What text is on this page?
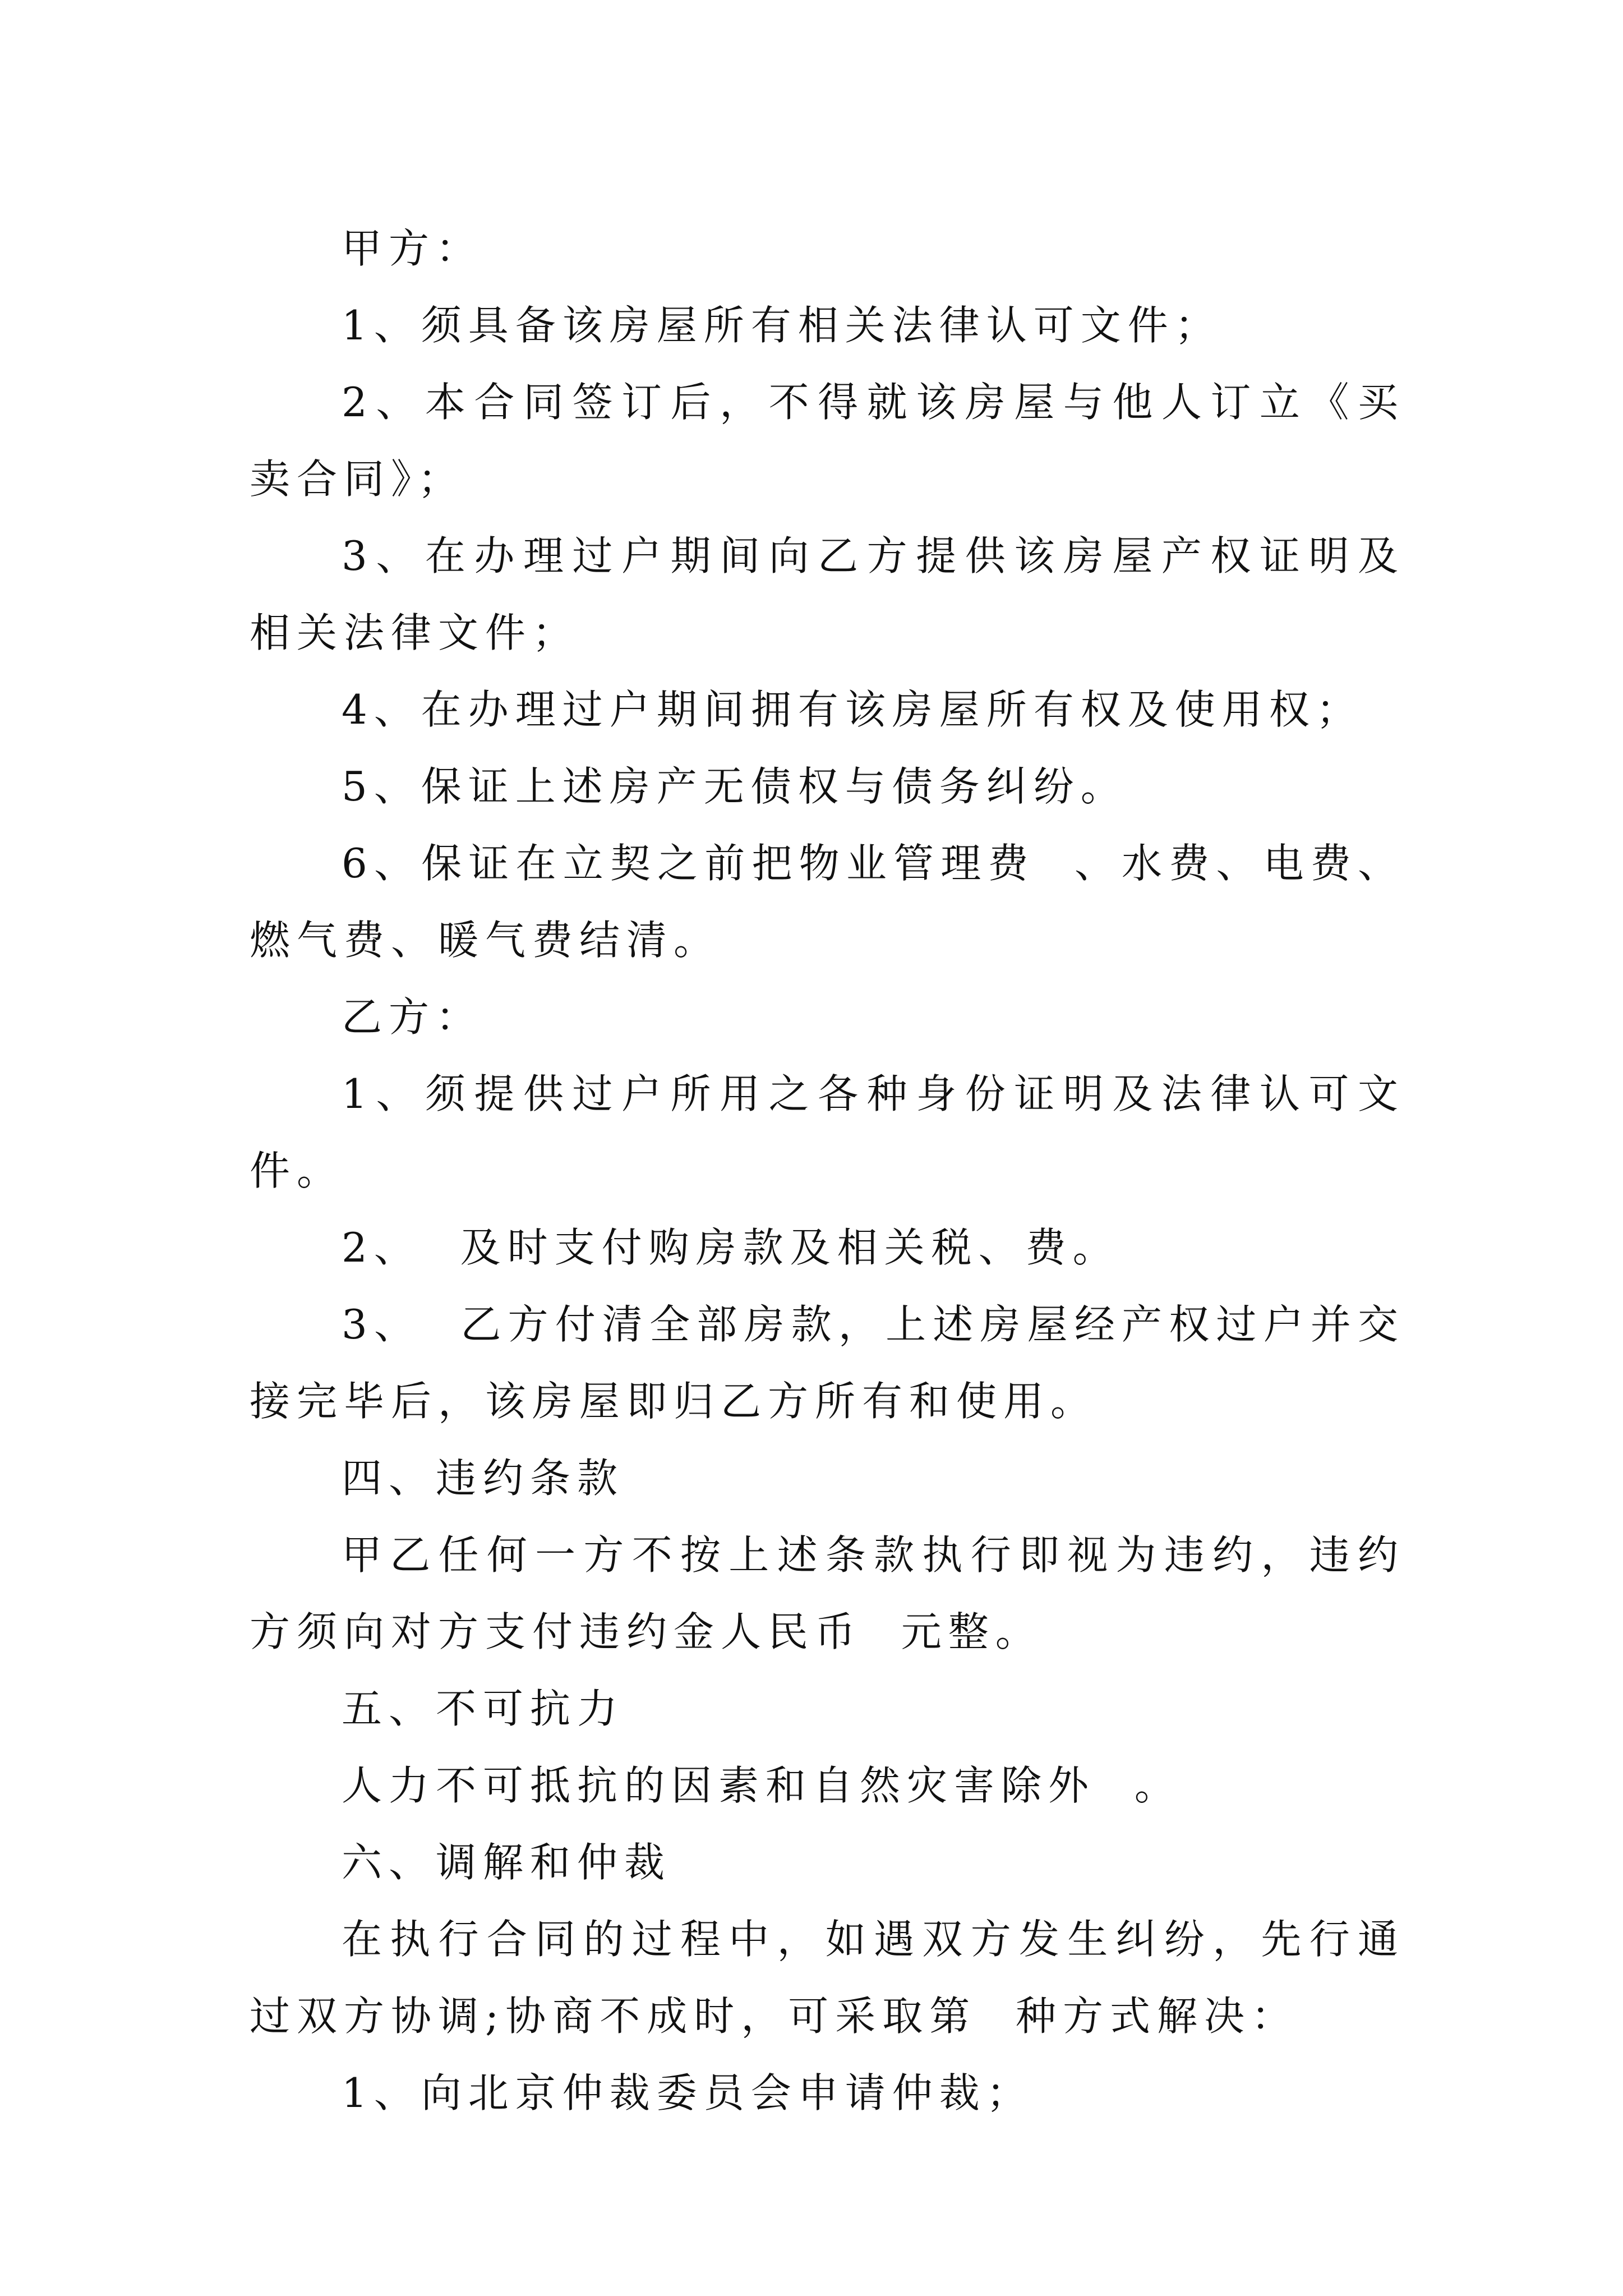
甲方：

1、须具备该房屋所有相关法律认可文件；

2、本合同签订后，不得就该房屋与他人订立《买卖合同》；

3、在办理过户期间向乙方提供该房屋产权证明及相关法律文件；

4、在办理过户期间拥有该房屋所有权及使用权；

5、保证上述房产无债权与债务纠纷。

6、保证在立契之前把物业管理费  、水费、电费、燃气费、暖气费结清。

乙方：

1、须提供过户所用之各种身份证明及法律认可文件。

2、  及时支付购房款及相关税、费。

3、  乙方付清全部房款，上述房屋经产权过户并交接完毕后，该房屋即归乙方所有和使用。

四、违约条款

甲乙任何一方不按上述条款执行即视为违约，违约方须向对方支付违约金人民币  元整。

五、不可抗力

人力不可抵抗的因素和自然灾害除外  。

六、调解和仲裁

在执行合同的过程中，如遇双方发生纠纷，先行通过双方协调;协商不成时，可采取第  种方式解决：

1、向北京仲裁委员会申请仲裁；
